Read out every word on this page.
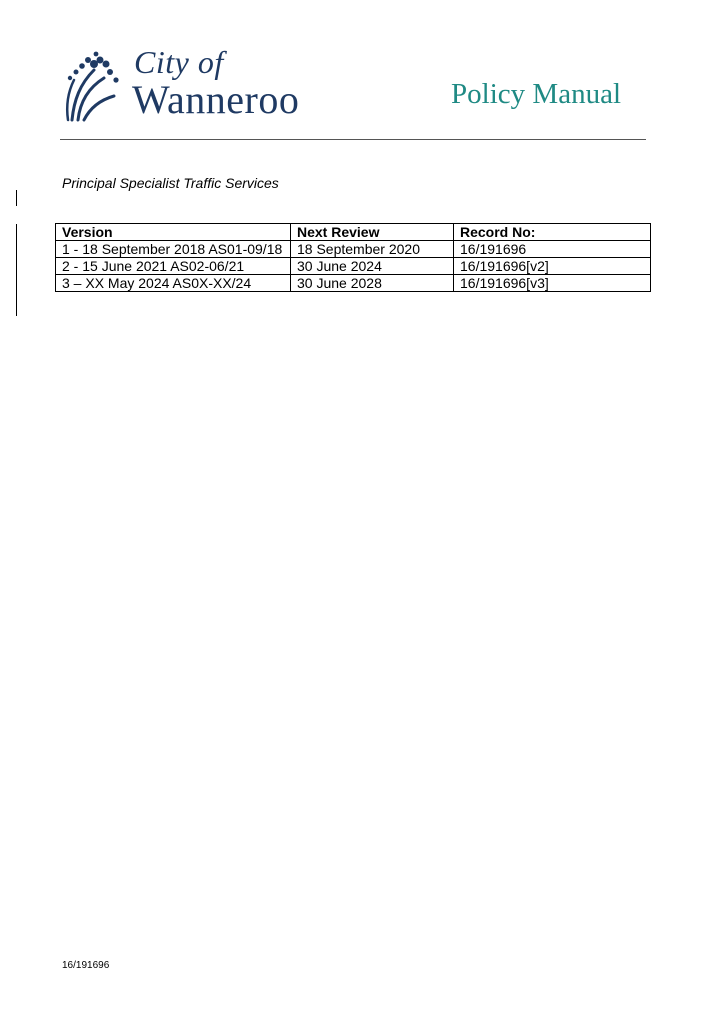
City of
Wanneroo	Policy Manual
Principal Specialist Traffic Services
Version	Next Review	Record No:
1 - 18 September 2018 AS01-09/18	18 September 2020	16/191696
2 - 15 June 2021 AS02-06/21	30 June 2024	16/191696[v2]
3 – XX May 2024 AS0X-XX/24	30 June 2028	16/191696[v3]
16/191696
